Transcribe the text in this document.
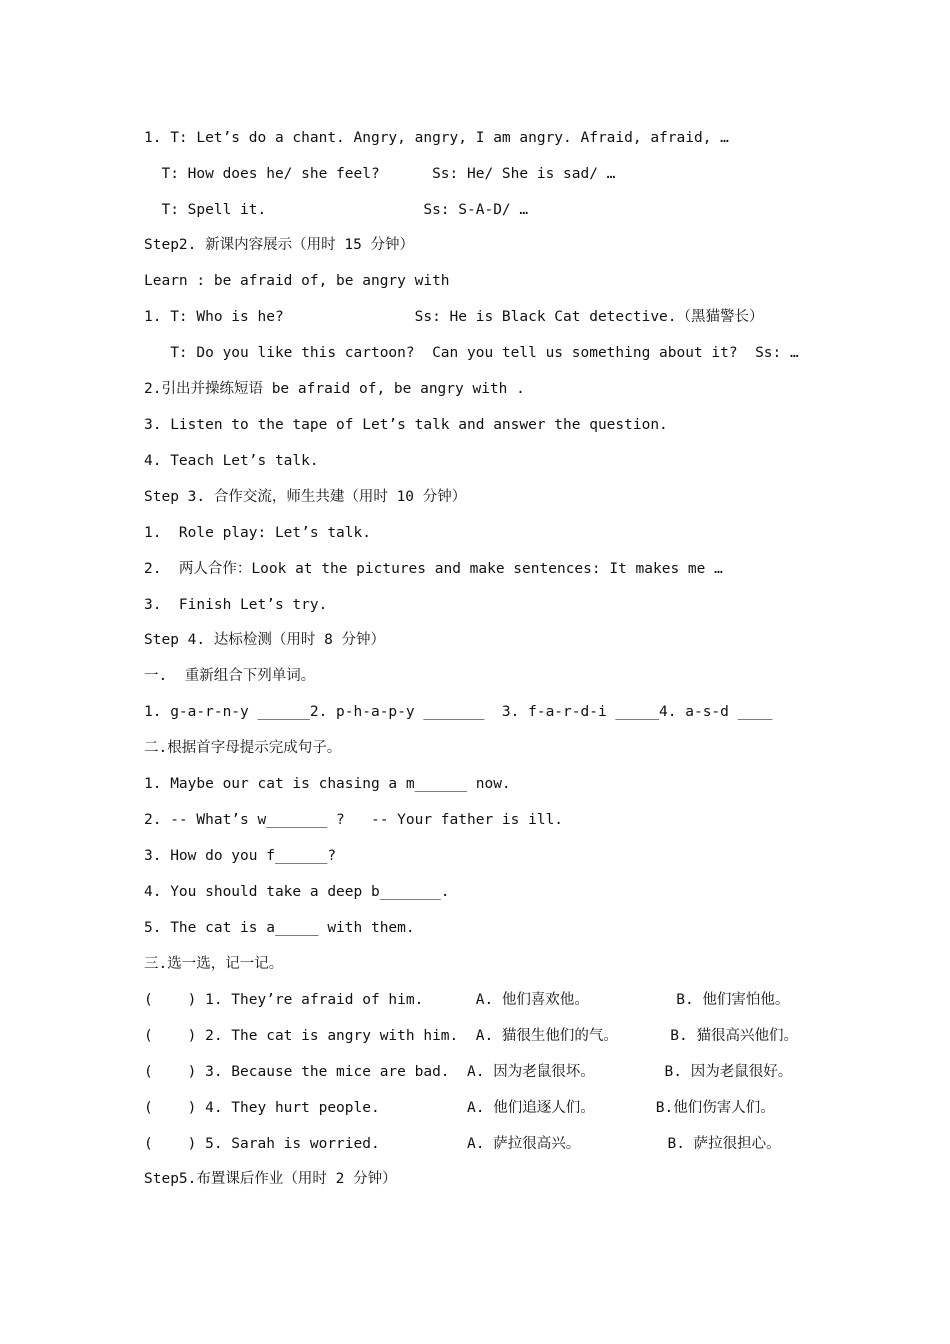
1. T: Let’s do a chant. Angry, angry, I am angry. Afraid, afraid, …
T: How does he/ she feel?      Ss: He/ She is sad/ …
T: Spell it.                  Ss: S-A-D/ …
Step2. 新课内容展示（用时 15 分钟）
Learn : be afraid of, be angry with
1. T: Who is he?               Ss: He is Black Cat detective.（黑猫警长）
T: Do you like this cartoon?  Can you tell us something about it?  Ss: …
2.引出并操练短语 be afraid of, be angry with .
3. Listen to the tape of Let’s talk and answer the question.
4. Teach Let’s talk.
Step 3. 合作交流，师生共建（用时 10 分钟）
1.  Role play: Let’s talk.
2.  两人合作：Look at the pictures and make sentences: It makes me …
3.  Finish Let’s try.
Step 4. 达标检测（用时 8 分钟）
一.  重新组合下列单词。
1. g-a-r-n-y ______2. p-h-a-p-y _______  3. f-a-r-d-i _____4. a-s-d ____
二.根据首字母提示完成句子。
1. Maybe our cat is chasing a m______ now.
2. -- What’s w_______ ?   -- Your father is ill.
3. How do you f______?
4. You should take a deep b_______.
5. The cat is a_____ with them.
三.选一选，记一记。
(    ) 1. They’re afraid of him.      A. 他们喜欢他。          B. 他们害怕他。
(    ) 2. The cat is angry with him.  A. 猫很生他们的气。      B. 猫很高兴他们。
(    ) 3. Because the mice are bad.  A. 因为老鼠很坏。        B. 因为老鼠很好。
(    ) 4. They hurt people.          A. 他们追逐人们。       B.他们伤害人们。
(    ) 5. Sarah is worried.          A. 萨拉很高兴。          B. 萨拉很担心。
Step5.布置课后作业（用时 2 分钟）
